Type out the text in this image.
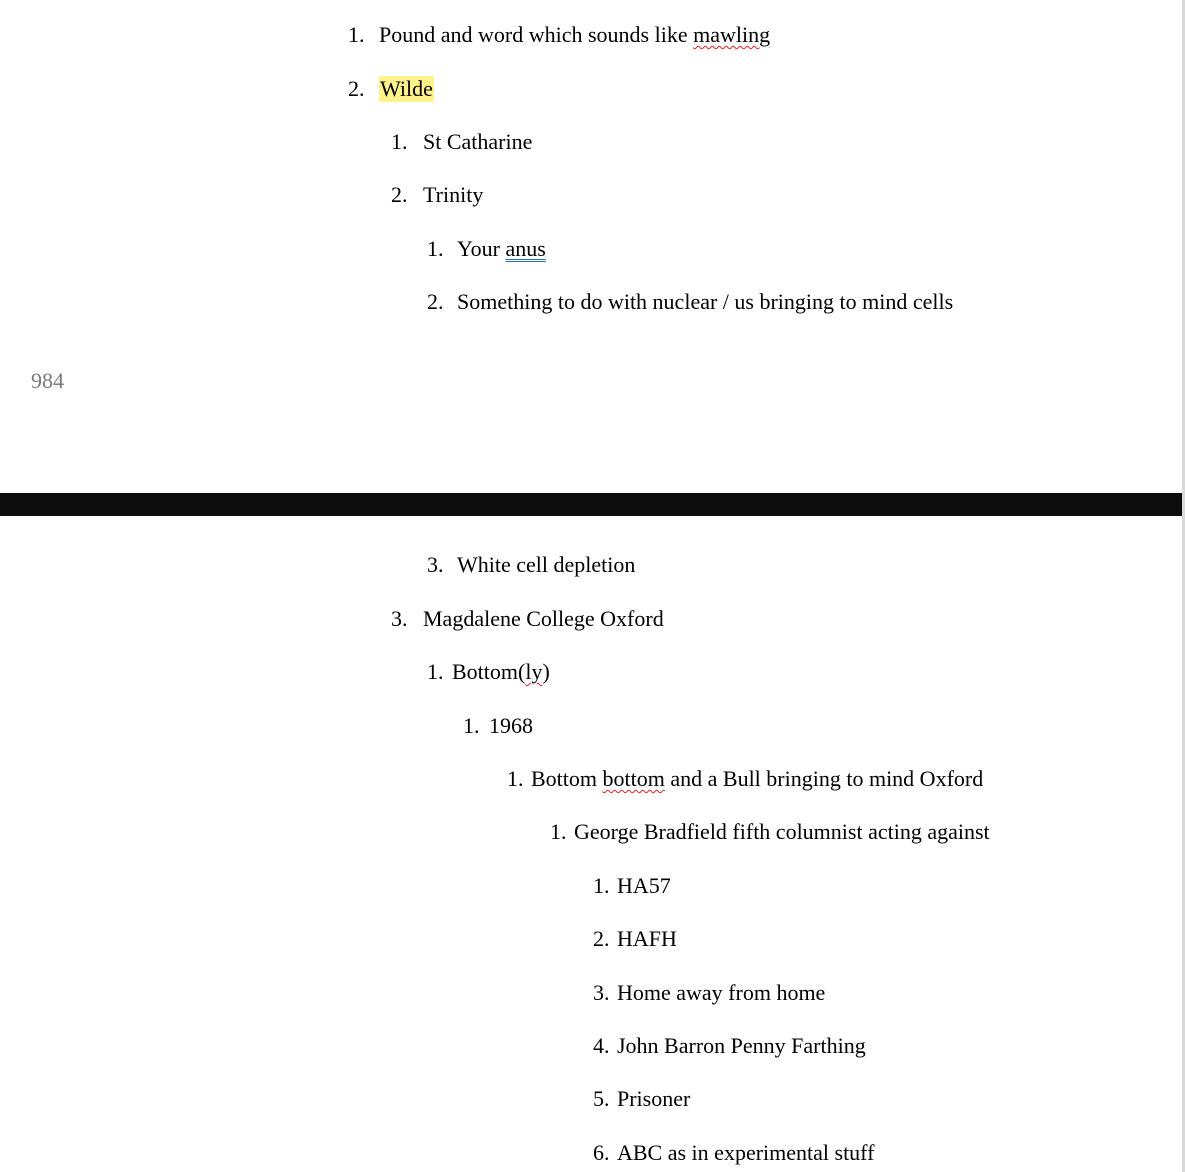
984
1. Pound and word which sounds like mawling
2. Wilde
1. St Catharine
2. Trinity
1. Your anus
2. Something to do with nuclear / us bringing to mind cells
3. White cell depletion
3. Magdalene College Oxford
1. Bottom(ly)
1. 1968
1. Bottom bottom and a Bull bringing to mind Oxford
1. George Bradfield fifth columnist acting against
1. HA57
2. HAFH
3. Home away from home
4. John Barron Penny Farthing
5. Prisoner
6. ABC as in experimental stuff
